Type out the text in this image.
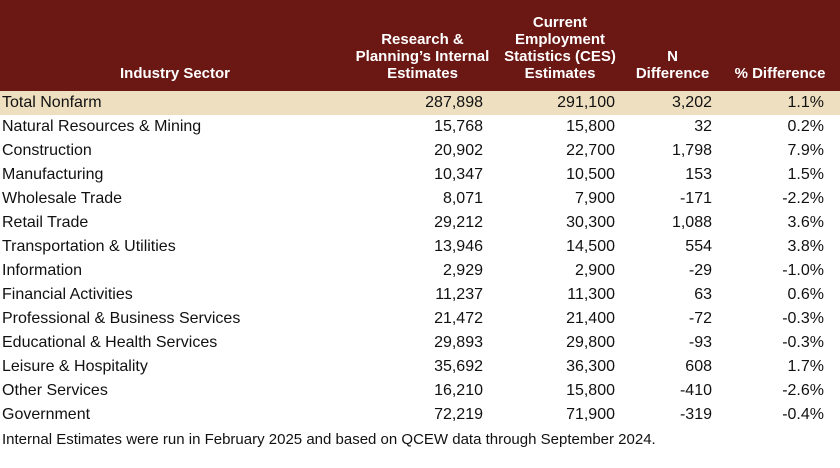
Industry Sector	Research & Planning’s Internal Estimates	Current Employment Statistics (CES) Estimates	N Difference	% Difference
Total Nonfarm	287,898	291,100	3,202	1.1%
Natural Resources & Mining	15,768	15,800	32	0.2%
Construction	20,902	22,700	1,798	7.9%
Manufacturing	10,347	10,500	153	1.5%
Wholesale Trade	8,071	7,900	-171	-2.2%
Retail Trade	29,212	30,300	1,088	3.6%
Transportation & Utilities	13,946	14,500	554	3.8%
Information	2,929	2,900	-29	-1.0%
Financial Activities	11,237	11,300	63	0.6%
Professional & Business Services	21,472	21,400	-72	-0.3%
Educational & Health Services	29,893	29,800	-93	-0.3%
Leisure & Hospitality	35,692	36,300	608	1.7%
Other Services	16,210	15,800	-410	-2.6%
Government	72,219	71,900	-319	-0.4%
Internal Estimates were run in February 2025 and based on QCEW data through September 2024.
